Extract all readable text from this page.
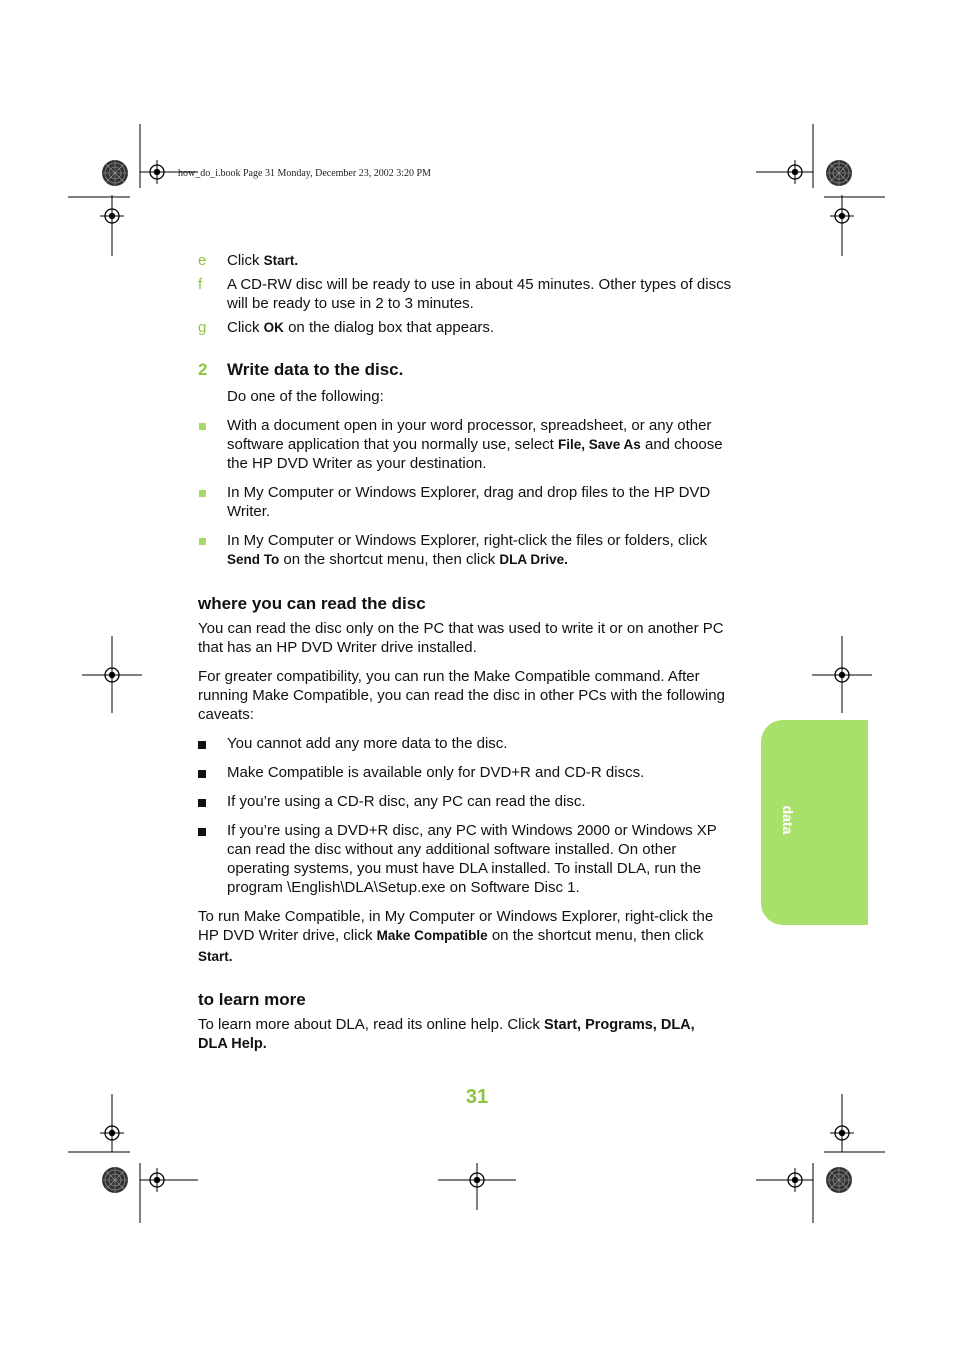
how_do_i.book Page 31 Monday, December 23, 2002 3:20 PM
e Click Start.
f A CD-RW disc will be ready to use in about 45 minutes. Other types of discs
will be ready to use in 2 to 3 minutes.
g Click OK on the dialog box that appears.
2 Write data to the disc.
Do one of the following:
With a document open in your word processor, spreadsheet, or any other
software application that you normally use, select File, Save As and choose
the HP DVD Writer as your destination.
In My Computer or Windows Explorer, drag and drop files to the HP DVD
Writer.
In My Computer or Windows Explorer, right-click the files or folders, click
Send To on the shortcut menu, then click DLA Drive.
where you can read the disc
You can read the disc only on the PC that was used to write it or on another PC
that has an HP DVD Writer drive installed.
For greater compatibility, you can run the Make Compatible command. After
running Make Compatible, you can read the disc in other PCs with the following
caveats:
You cannot add any more data to the disc.
Make Compatible is available only for DVD+R and CD-R discs.
If you’re using a CD-R disc, any PC can read the disc.
If you’re using a DVD+R disc, any PC with Windows 2000 or Windows XP
can read the disc without any additional software installed. On other
operating systems, you must have DLA installed. To install DLA, run the
program \English\DLA\Setup.exe on Software Disc 1.
To run Make Compatible, in My Computer or Windows Explorer, right-click the
HP DVD Writer drive, click Make Compatible on the shortcut menu, then click
Start.
to learn more
To learn more about DLA, read its online help. Click Start, Programs, DLA,
DLA Help.
31
data
